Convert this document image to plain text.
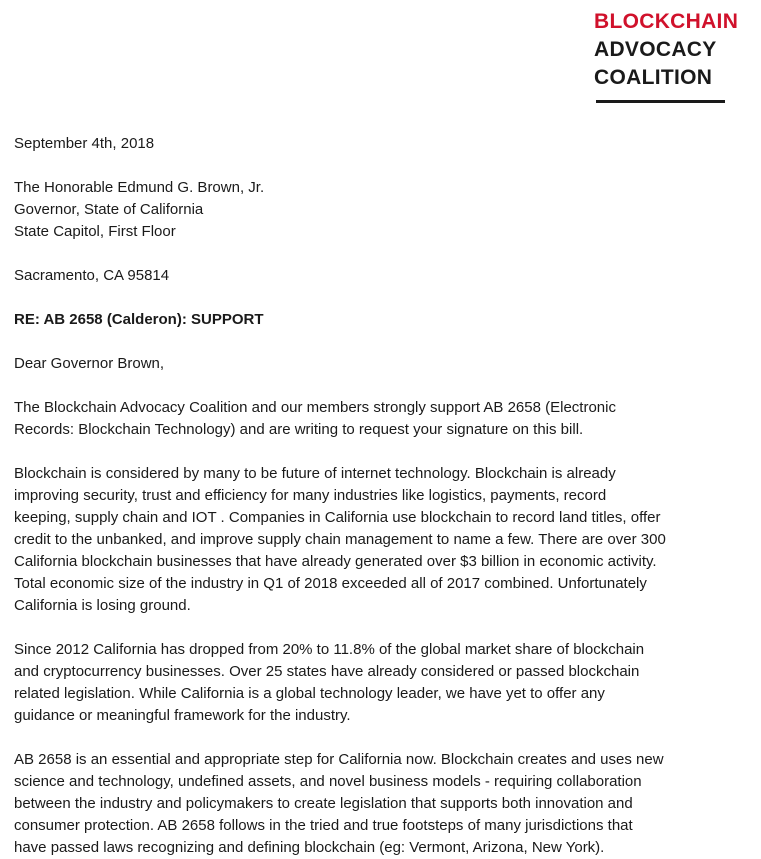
BLOCKCHAIN
ADVOCACY
COALITION

September 4th, 2018

The Honorable Edmund G. Brown, Jr.

Governor, State of California

State Capitol, First Floor

Sacramento, CA 95814

RE: AB 2658 (Calderon): SUPPORT

Dear Governor Brown,

The Blockchain Advocacy Coalition and our members strongly support AB 2658 (Electronic

Records: Blockchain Technology) and are writing to request your signature on this bill.

Blockchain is considered by many to be future of internet technology. Blockchain is already

improving security, trust and efficiency for many industries like logistics, payments, record

keeping, supply chain and IOT . Companies in California use blockchain to record land titles, offer

credit to the unbanked, and improve supply chain management to name a few. There are over 300

California blockchain businesses that have already generated over $3 billion in economic activity.

Total economic size of the industry in Q1 of 2018 exceeded all of 2017 combined. Unfortunately

California is losing ground.

Since 2012 California has dropped from 20% to 11.8% of the global market share of blockchain

and cryptocurrency businesses. Over 25 states have already considered or passed blockchain

related legislation. While California is a global technology leader, we have yet to offer any

guidance or meaningful framework for the industry.

AB 2658 is an essential and appropriate step for California now. Blockchain creates and uses new

science and technology, undefined assets, and novel business models - requiring collaboration

between the industry and policymakers to create legislation that supports both innovation and

consumer protection. AB 2658 follows in the tried and true footsteps of many jurisdictions that

have passed laws recognizing and defining blockchain (eg: Vermont, Arizona, New York).
